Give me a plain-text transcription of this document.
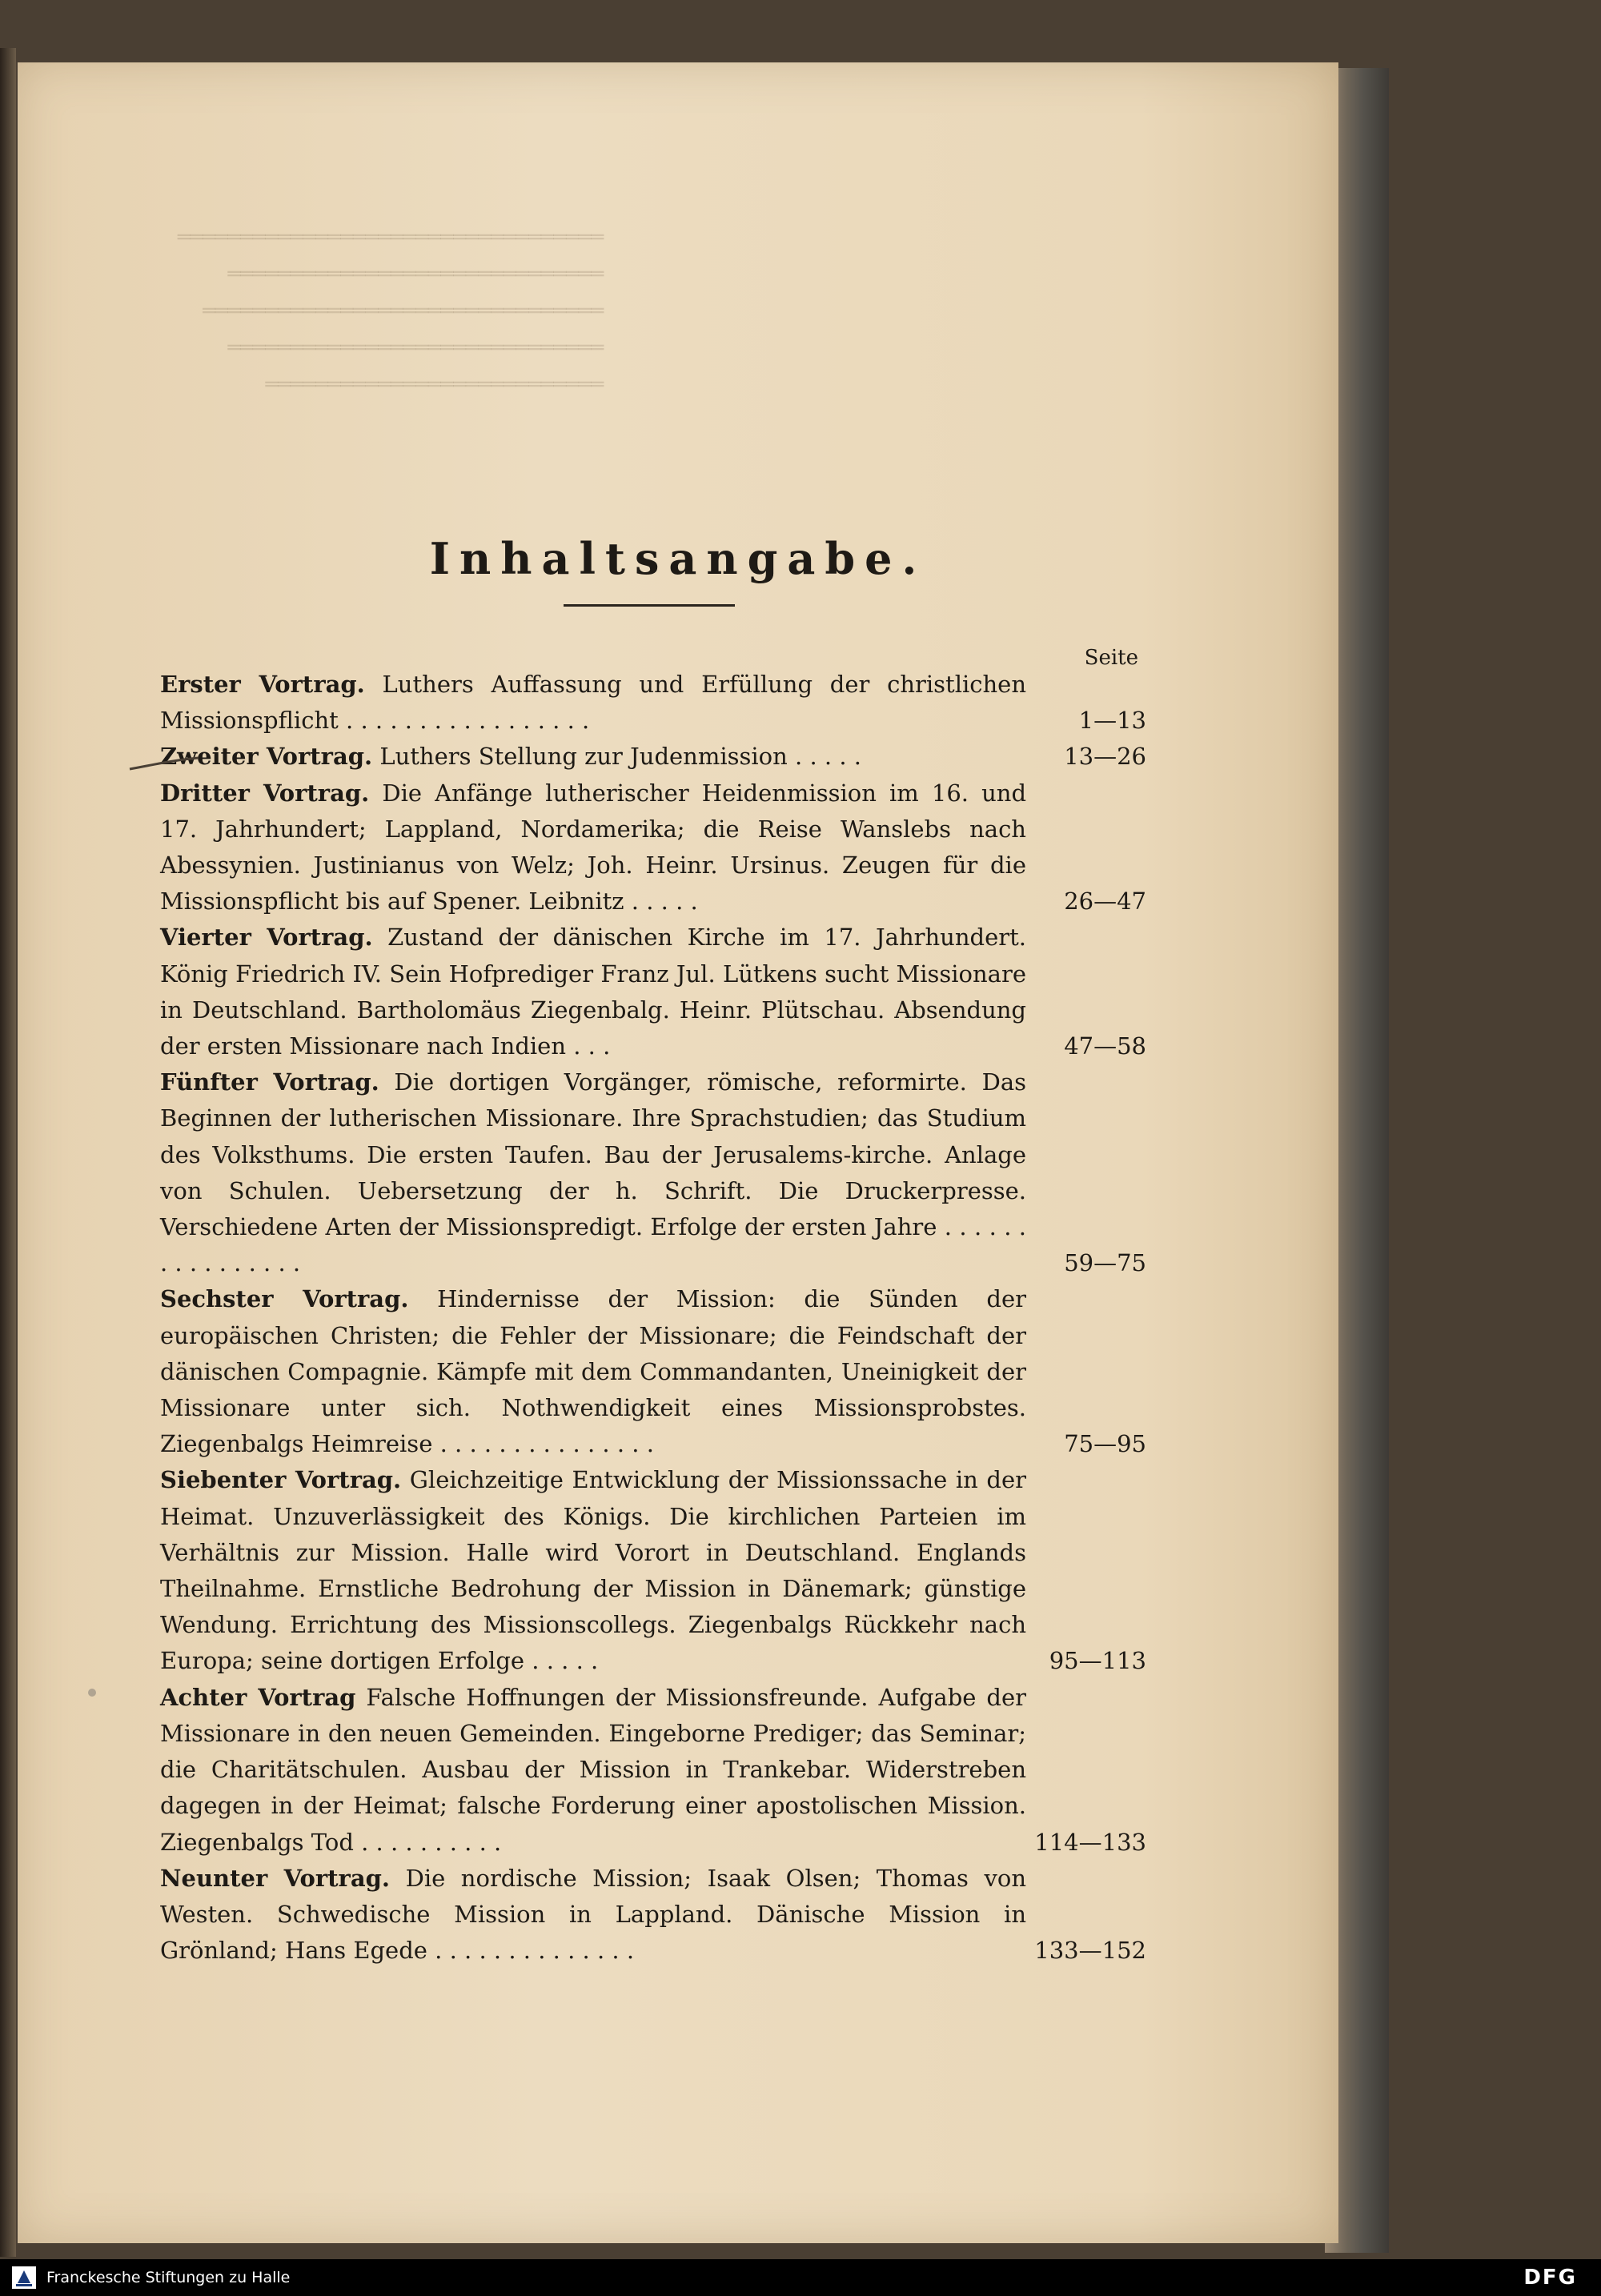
══════════════════════════════════
══════════════════════════════
════════════════════════════════
══════════════════════════════
═══════════════════════════

Inhaltsangabe.
Seite
Erster Vortrag. Luthers Auffassung und Erfüllung der christlichen Missionspflicht . . . . . . . . . . . . . . . . .	1—13
Zweiter Vortrag. Luthers Stellung zur Judenmission . . . . .	13—26
Dritter Vortrag. Die Anfänge lutherischer Heidenmission im 16. und 17. Jahrhundert; Lappland, Nordamerika; die Reise Wanslebs nach Abessynien. Justinianus von Welz; Joh. Heinr. Ursinus. Zeugen für die Missionspflicht bis auf Spener. Leibnitz . . . . .	26—47
Vierter Vortrag. Zustand der dänischen Kirche im 17. Jahrhundert. König Friedrich IV. Sein Hofprediger Franz Jul. Lütkens sucht Missionare in Deutschland. Bartholomäus Ziegenbalg. Heinr. Plütschau. Absendung der ersten Missionare nach Indien . . .	47—58
Fünfter Vortrag. Die dortigen Vorgänger, römische, reformirte. Das Beginnen der lutherischen Missionare. Ihre Sprachstudien; das Studium des Volksthums. Die ersten Taufen. Bau der Jerusalems-kirche. Anlage von Schulen. Uebersetzung der h. Schrift. Die Druckerpresse. Verschiedene Arten der Missionspredigt. Erfolge der ersten Jahre . . . . . . . . . . . . . . . .	59—75
Sechster Vortrag. Hindernisse der Mission: die Sünden der europäischen Christen; die Fehler der Missionare; die Feindschaft der dänischen Compagnie. Kämpfe mit dem Commandanten, Uneinigkeit der Missionare unter sich. Nothwendigkeit eines Missionsprobstes. Ziegenbalgs Heimreise . . . . . . . . . . . . . . .	75—95
Siebenter Vortrag. Gleichzeitige Entwicklung der Missionssache in der Heimat. Unzuverlässigkeit des Königs. Die kirchlichen Parteien im Verhältnis zur Mission. Halle wird Vorort in Deutschland. Englands Theilnahme. Ernstliche Bedrohung der Mission in Dänemark; günstige Wendung. Errichtung des Missionscollegs. Ziegenbalgs Rückkehr nach Europa; seine dortigen Erfolge . . . . .	95—113
Achter Vortrag Falsche Hoffnungen der Missionsfreunde. Aufgabe der Missionare in den neuen Gemeinden. Eingeborne Prediger; das Seminar; die Charitätschulen. Ausbau der Mission in Trankebar. Widerstreben dagegen in der Heimat; falsche Forderung einer apostolischen Mission. Ziegenbalgs Tod . . . . . . . . . .	114—133
Neunter Vortrag. Die nordische Mission; Isaak Olsen; Thomas von Westen. Schwedische Mission in Lappland. Dänische Mission in Grönland; Hans Egede . . . . . . . . . . . . . .	133—152
Franckesche Stiftungen zu Halle	DFG
